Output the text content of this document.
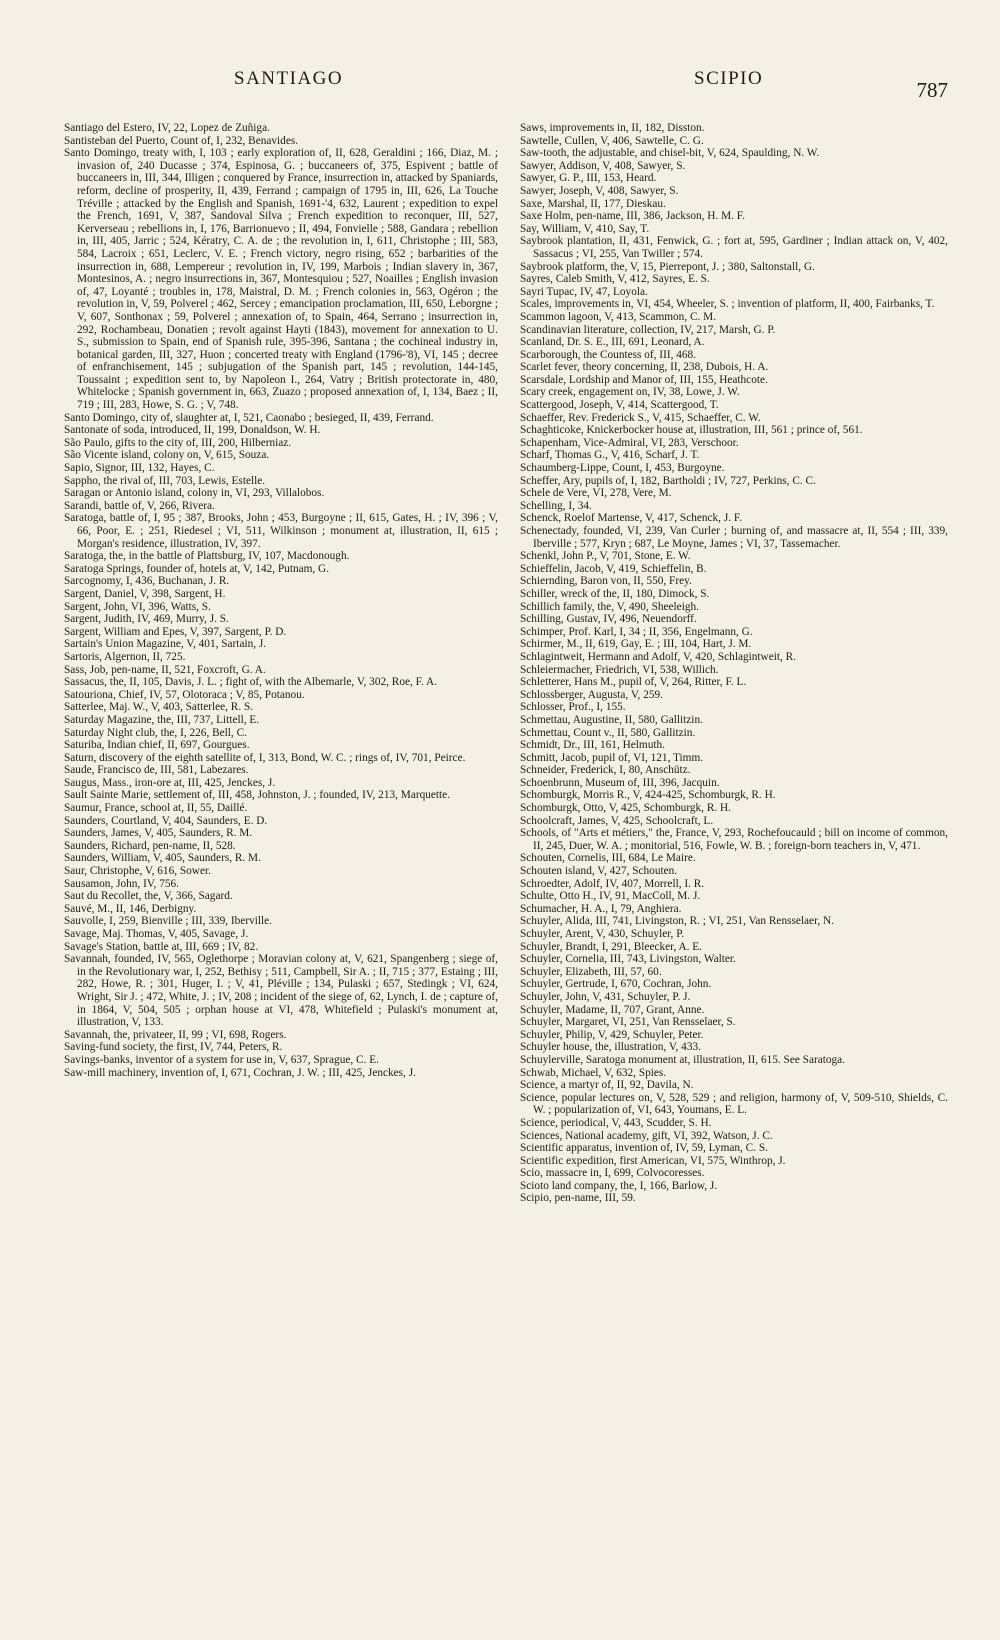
SANTIAGO	SCIPIO	787

Santiago del Estero, IV, 22, Lopez de Zuñiga.

Santisteban del Puerto, Count of, I, 232, Benavides.

Santo Domingo, treaty with, I, 103 ; early exploration of, II, 628, Geraldini ; 166, Diaz, M. ; invasion of, 240 Ducasse ; 374, Espinosa, G. ; buccaneers of, 375, Espivent ; battle of buccaneers in, III, 344, Illigen ; conquered by France, insurrection in, attacked by Spaniards, reform, decline of prosperity, II, 439, Ferrand ; campaign of 1795 in, III, 626, La Touche Tréville ; attacked by the English and Spanish, 1691-'4, 632, Laurent ; expedition to expel the French, 1691, V, 387, Sandoval Silva ; French expedition to reconquer, III, 527, Kerverseau ; rebellions in, I, 176, Barrionuevo ; II, 494, Fonvielle ; 588, Gandara ; rebellion in, III, 405, Jarric ; 524, Kératry, C. A. de ; the revolution in, I, 611, Christophe ; III, 583, 584, Lacroix ; 651, Leclerc, V. E. ; French victory, negro rising, 652 ; barbarities of the insurrection in, 688, Lempereur ; revolution in, IV, 199, Marbois ; Indian slavery in, 367, Montesinos, A. ; negro insurrections in, 367, Montesquiou ; 527, Noailles ; English invasion of, 47, Loyanté ; troubles in, 178, Maistral, D. M. ; French colonies in, 563, Ogéron ; the revolution in, V, 59, Polverel ; 462, Sercey ; emancipation proclamation, III, 650, Leborgne ; V, 607, Sonthonax ; 59, Polverel ; annexation of, to Spain, 464, Serrano ; insurrection in, 292, Rochambeau, Donatien ; revolt against Hayti (1843), movement for annexation to U. S., submission to Spain, end of Spanish rule, 395-396, Santana ; the cochineal industry in, botanical garden, III, 327, Huon ; concerted treaty with England (1796-'8), VI, 145 ; decree of enfranchisement, 145 ; subjugation of the Spanish part, 145 ; revolution, 144-145, Toussaint ; expedition sent to, by Napoleon I., 264, Vatry ; British protectorate in, 480, Whitelocke ; Spanish government in, 663, Zuazo ; proposed annexation of, I, 134, Baez ; II, 719 ; III, 283, Howe, S. G. ; V, 748.

Santo Domingo, city of, slaughter at, I, 521, Caonabo ; besieged, II, 439, Ferrand.

Santonate of soda, introduced, II, 199, Donaldson, W. H.

São Paulo, gifts to the city of, III, 200, Hilberniaz.

São Vicente island, colony on, V, 615, Souza.

Sapio, Signor, III, 132, Hayes, C.

Sappho, the rival of, III, 703, Lewis, Estelle.

Saragan or Antonio island, colony in, VI, 293, Villalobos.

Sarandi, battle of, V, 266, Rivera.

Saratoga, battle of, I, 95 ; 387, Brooks, John ; 453, Burgoyne ; II, 615, Gates, H. ; IV, 396 ; V, 66, Poor, E. ; 251, Riedesel ; VI, 511, Wilkinson ; monument at, illustration, II, 615 ; Morgan's residence, illustration, IV, 397.

Saratoga, the, in the battle of Plattsburg, IV, 107, Macdonough.

Saratoga Springs, founder of, hotels at, V, 142, Putnam, G.

Sarcognomy, I, 436, Buchanan, J. R.

Sargent, Daniel, V, 398, Sargent, H.

Sargent, John, VI, 396, Watts, S.

Sargent, Judith, IV, 469, Murry, J. S.

Sargent, William and Epes, V, 397, Sargent, P. D.

Sartain's Union Magazine, V, 401, Sartain, J.

Sartoris, Algernon, II, 725.

Sass, Job, pen-name, II, 521, Foxcroft, G. A.

Sassacus, the, II, 105, Davis, J. L. ; fight of, with the Albemarle, V, 302, Roe, F. A.

Satouriona, Chief, IV, 57, Olotoraca ; V, 85, Potanou.

Satterlee, Maj. W., V, 403, Satterlee, R. S.

Saturday Magazine, the, III, 737, Littell, E.

Saturday Night club, the, I, 226, Bell, C.

Saturiba, Indian chief, II, 697, Gourgues.

Saturn, discovery of the eighth satellite of, I, 313, Bond, W. C. ; rings of, IV, 701, Peirce.

Saude, Francisco de, III, 581, Labezares.

Saugus, Mass., iron-ore at, III, 425, Jenckes, J.

Sault Sainte Marie, settlement of, III, 458, Johnston, J. ; founded, IV, 213, Marquette.

Saumur, France, school at, II, 55, Daillé.

Saunders, Courtland, V, 404, Saunders, E. D.

Saunders, James, V, 405, Saunders, R. M.

Saunders, Richard, pen-name, II, 528.

Saunders, William, V, 405, Saunders, R. M.

Saur, Christophe, V, 616, Sower.

Sausamon, John, IV, 756.

Saut du Recollet, the, V, 366, Sagard.

Sauvé, M., II, 146, Derbigny.

Sauvolle, I, 259, Bienville ; III, 339, Iberville.

Savage, Maj. Thomas, V, 405, Savage, J.

Savage's Station, battle at, III, 669 ; IV, 82.

Savannah, founded, IV, 565, Oglethorpe ; Moravian colony at, V, 621, Spangenberg ; siege of, in the Revolutionary war, I, 252, Bethisy ; 511, Campbell, Sir A. ; II, 715 ; 377, Estaing ; III, 282, Howe, R. ; 301, Huger, I. ; V, 41, Pléville ; 134, Pulaski ; 657, Stedingk ; VI, 624, Wright, Sir J. ; 472, White, J. ; IV, 208 ; incident of the siege of, 62, Lynch, I. de ; capture of, in 1864, V, 504, 505 ; orphan house at VI, 478, Whitefield ; Pulaski's monument at, illustration, V, 133.

Savannah, the, privateer, II, 99 ; VI, 698, Rogers.

Saving-fund society, the first, IV, 744, Peters, R.

Savings-banks, inventor of a system for use in, V, 637, Sprague, C. E.

Saw-mill machinery, invention of, I, 671, Cochran, J. W. ; III, 425, Jenckes, J.

Saws, improvements in, II, 182, Disston.

Sawtelle, Cullen, V, 406, Sawtelle, C. G.

Saw-tooth, the adjustable, and chisel-bit, V, 624, Spaulding, N. W.

Sawyer, Addison, V, 408, Sawyer, S.

Sawyer, G. P., III, 153, Heard.

Sawyer, Joseph, V, 408, Sawyer, S.

Saxe, Marshal, II, 177, Dieskau.

Saxe Holm, pen-name, III, 386, Jackson, H. M. F.

Say, William, V, 410, Say, T.

Saybrook plantation, II, 431, Fenwick, G. ; fort at, 595, Gardiner ; Indian attack on, V, 402, Sassacus ; VI, 255, Van Twiller ; 574.

Saybrook platform, the, V, 15, Pierrepont, J. ; 380, Saltonstall, G.

Sayres, Caleb Smith, V, 412, Sayres, E. S.

Sayri Tupac, IV, 47, Loyola.

Scales, improvements in, VI, 454, Wheeler, S. ; invention of platform, II, 400, Fairbanks, T.

Scammon lagoon, V, 413, Scammon, C. M.

Scandinavian literature, collection, IV, 217, Marsh, G. P.

Scanland, Dr. S. E., III, 691, Leonard, A.

Scarborough, the Countess of, III, 468.

Scarlet fever, theory concerning, II, 238, Dubois, H. A.

Scarsdale, Lordship and Manor of, III, 155, Heathcote.

Scary creek, engagement on, IV, 38, Lowe, J. W.

Scattergood, Joseph, V, 414, Scattergood, T.

Schaeffer, Rev. Frederick S., V, 415, Schaeffer, C. W.

Schaghticoke, Knickerbocker house at, illustration, III, 561 ; prince of, 561.

Schapenham, Vice-Admiral, VI, 283, Verschoor.

Scharf, Thomas G., V, 416, Scharf, J. T.

Schaumberg-Lippe, Count, I, 453, Burgoyne.

Scheffer, Ary, pupils of, I, 182, Bartholdi ; IV, 727, Perkins, C. C.

Schele de Vere, VI, 278, Vere, M.

Schelling, I, 34.

Schenck, Roelof Martense, V, 417, Schenck, J. F.

Schenectady, founded, VI, 239, Van Curler ; burning of, and massacre at, II, 554 ; III, 339, Iberville ; 577, Kryn ; 687, Le Moyne, James ; VI, 37, Tassemacher.

Schenkl, John P., V, 701, Stone, E. W.

Schieffelin, Jacob, V, 419, Schieffelin, B.

Schiernding, Baron von, II, 550, Frey.

Schiller, wreck of the, II, 180, Dimock, S.

Schillich family, the, V, 490, Sheeleigh.

Schilling, Gustav, IV, 496, Neuendorff.

Schimper, Prof. Karl, I, 34 ; II, 356, Engelmann, G.

Schirmer, M., II, 619, Gay, E. ; III, 104, Hart, J. M.

Schlagintweit, Hermann and Adolf, V, 420, Schlagintweit, R.

Schleiermacher, Friedrich, VI, 538, Willich.

Schletterer, Hans M., pupil of, V, 264, Ritter, F. L.

Schlossberger, Augusta, V, 259.

Schlosser, Prof., I, 155.

Schmettau, Augustine, II, 580, Gallitzin.

Schmettau, Count v., II, 580, Gallitzin.

Schmidt, Dr., III, 161, Helmuth.

Schmitt, Jacob, pupil of, VI, 121, Timm.

Schneider, Frederick, I, 80, Anschütz.

Schoenbrunn, Museum of, III, 396, Jacquin.

Schomburgk, Morris R., V, 424-425, Schomburgk, R. H.

Schomburgk, Otto, V, 425, Schomburgk, R. H.

Schoolcraft, James, V, 425, Schoolcraft, L.

Schools, of "Arts et métiers," the, France, V, 293, Rochefoucauld ; bill on income of common, II, 245, Duer, W. A. ; monitorial, 516, Fowle, W. B. ; foreign-born teachers in, V, 471.

Schouten, Cornelis, III, 684, Le Maire.

Schouten island, V, 427, Schouten.

Schroedter, Adolf, IV, 407, Morrell, I. R.

Schulte, Otto H., IV, 91, MacColl, M. J.

Schumacher, H. A., I, 79, Anghiera.

Schuyler, Alida, III, 741, Livingston, R. ; VI, 251, Van Rensselaer, N.

Schuyler, Arent, V, 430, Schuyler, P.

Schuyler, Brandt, I, 291, Bleecker, A. E.

Schuyler, Cornelia, III, 743, Livingston, Walter.

Schuyler, Elizabeth, III, 57, 60.

Schuyler, Gertrude, I, 670, Cochran, John.

Schuyler, John, V, 431, Schuyler, P. J.

Schuyler, Madame, II, 707, Grant, Anne.

Schuyler, Margaret, VI, 251, Van Rensselaer, S.

Schuyler, Philip, V, 429, Schuyler, Peter.

Schuyler house, the, illustration, V, 433.

Schuylerville, Saratoga monument at, illustration, II, 615. See Saratoga.

Schwab, Michael, V, 632, Spies.

Science, a martyr of, II, 92, Davila, N.

Science, popular lectures on, V, 528, 529 ; and religion, harmony of, V, 509-510, Shields, C. W. ; popularization of, VI, 643, Youmans, E. L.

Science, periodical, V, 443, Scudder, S. H.

Sciences, National academy, gift, VI, 392, Watson, J. C.

Scientific apparatus, invention of, IV, 59, Lyman, C. S.

Scientific expedition, first American, VI, 575, Winthrop, J.

Scio, massacre in, I, 699, Colvocoresses.

Scioto land company, the, I, 166, Barlow, J.

Scipio, pen-name, III, 59.
